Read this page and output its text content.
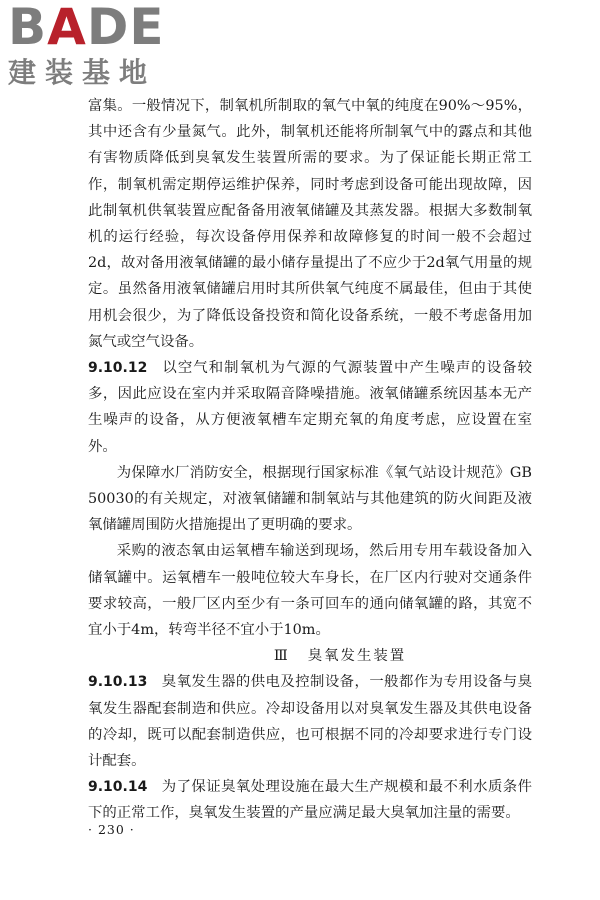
BADE
建装基地

富集。一般情况下，制氧机所制取的氧气中氧的纯度在90%～95%，其中还含有少量氮气。此外，制氧机还能将所制氧气中的露点和其他有害物质降低到臭氧发生装置所需的要求。为了保证能长期正常工作，制氧机需定期停运维护保养，同时考虑到设备可能出现故障，因此制氧机供氧装置应配备备用液氧储罐及其蒸发器。根据大多数制氧机的运行经验，每次设备停用保养和故障修复的时间一般不会超过2d，故对备用液氧储罐的最小储存量提出了不应少于2d氧气用量的规定。虽然备用液氧储罐启用时其所供氧气纯度不属最佳，但由于其使用机会很少，为了降低设备投资和简化设备系统，一般不考虑备用加氮气或空气设备。

9.10.12 以空气和制氧机为气源的气源装置中产生噪声的设备较多，因此应设在室内并采取隔音降噪措施。液氧储罐系统因基本无产生噪声的设备，从方便液氧槽车定期充氧的角度考虑，应设置在室外。

为保障水厂消防安全，根据现行国家标准《氧气站设计规范》GB 50030的有关规定，对液氧储罐和制氧站与其他建筑的防火间距及液氧储罐周围防火措施提出了更明确的要求。

采购的液态氧由运氧槽车输送到现场，然后用专用车载设备加入储氧罐中。运氧槽车一般吨位较大车身长，在厂区内行驶对交通条件要求较高，一般厂区内至少有一条可回车的通向储氧罐的路，其宽不宜小于4m，转弯半径不宜小于10m。

Ⅲ 臭氧发生装置

9.10.13 臭氧发生器的供电及控制设备，一般都作为专用设备与臭氧发生器配套制造和供应。冷却设备用以对臭氧发生器及其供电设备的冷却，既可以配套制造供应，也可根据不同的冷却要求进行专门设计配套。

9.10.14 为了保证臭氧处理设施在最大生产规模和最不利水质条件下的正常工作，臭氧发生装置的产量应满足最大臭氧加注量的需要。

· 230 ·
